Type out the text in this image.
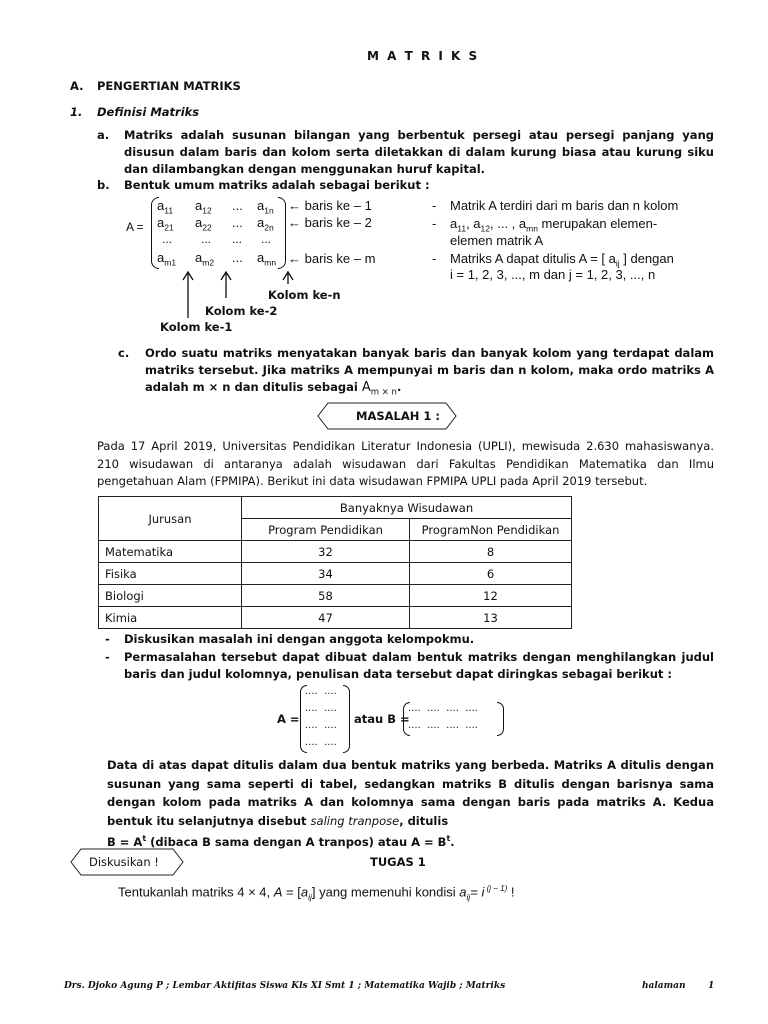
M A T R I K S
A. PENGERTIAN MATRIKS
1. Definisi Matriks
a. Matriks adalah susunan bilangan yang berbentuk persegi atau persegi panjang yang disusun dalam baris dan kolom serta diletakkan di dalam kurung biasa atau kurung siku dan dilambangkan dengan menggunakan huruf kapital.
b. Bentuk umum matriks adalah sebagai berikut :
A =
$a_{11}$ $a_{12}$ ... $a_{1n}$
$a_{21}$ $a_{22}$ ... $a_{2n}$
... ... ... ...
$a_{m1}$ $a_{m2}$ ... $a_{mn}$
← baris ke – 1
← baris ke – 2
← baris ke – m
Kolom ke-n
Kolom ke-2
Kolom ke-1
- Matrik A terdiri dari m baris dan n kolom
- $a_{11}$, $a_{12}$, ... , $a_{mn}$ merupakan elemen-
elemen matrik A
- Matriks A dapat ditulis A = [ $a_{ij}$ ] dengan
i = 1, 2, 3, ..., m dan j = 1, 2, 3, ..., n
c. Ordo suatu matriks menyatakan banyak baris dan banyak kolom yang terdapat dalam matriks tersebut. Jika matriks A mempunyai m baris dan n kolom, maka ordo matriks A adalah m × n dan ditulis sebagai $A_{m \times n}$.
MASALAH 1 :
Pada 17 April 2019, Universitas Pendidikan Literatur Indonesia (UPLI), mewisuda 2.630 mahasiswanya. 210 wisudawan di antaranya adalah wisudawan dari Fakultas Pendidikan Matematika dan Ilmu pengetahuan Alam (FPMIPA). Berikut ini data wisudawan FPMIPA UPLI pada April 2019 tersebut.
Jurusan	Banyaknya Wisudawan	
	Program Pendidikan	ProgramNon Pendidikan
Matematika	32	8
Fisika	34	6
Biologi	58	12
Kimia	47	13
- Diskusikan masalah ini dengan anggota kelompokmu.
- Permasalahan tersebut dapat dibuat dalam bentuk matriks dengan menghilangkan judul baris dan judul kolomnya, penulisan data tersebut dapat diringkas sebagai berikut :
A =
.... ....
.... ....
.... ....
.... ....
atau B =
.... .... .... ....
.... .... .... ....
Data di atas dapat ditulis dalam dua bentuk matriks yang berbeda. Matriks A ditulis dengan susunan yang sama seperti di tabel, sedangkan matriks B ditulis dengan barisnya sama dengan kolom pada matriks A dan kolomnya sama dengan baris pada matriks A. Kedua bentuk itu selanjutnya disebut saling tranpose, ditulis
$B = A^t$ (dibaca B sama dengan A tranpos) atau $A = B^t$.
Diskusikan !	TUGAS 1
Tentukanlah matriks 4 × 4, $A = [a_{ij}]$ yang memenuhi kondisi $a_{ij}= i$ $^{(j - 1)}$ !
Drs. Djoko Agung P ; Lembar Aktifitas Siswa Kls XI Smt 1 ; Matematika Wajib ; Matriks	halaman 1
